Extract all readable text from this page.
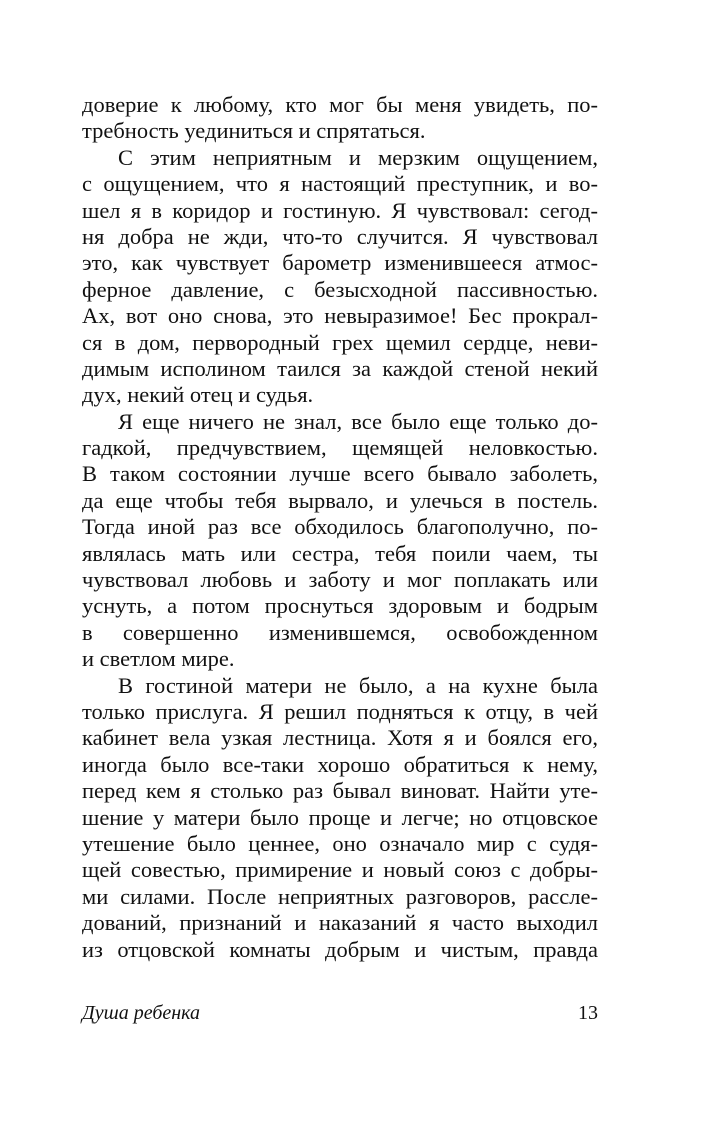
доверие к любому, кто мог бы меня увидеть, по-
требность уединиться и спрятаться.
С этим неприятным и мерзким ощущением,
с ощущением, что я настоящий преступник, и во-
шел я в коридор и гостиную. Я чувствовал: сегод-
ня добра не жди, что-то случится. Я чувствовал
это, как чувствует барометр изменившееся атмос-
ферное давление, с безысходной пассивностью.
Ах, вот оно снова, это невыразимое! Бес прокрал-
ся в дом, первородный грех щемил сердце, неви-
димым исполином таился за каждой стеной некий
дух, некий отец и судья.
Я еще ничего не знал, все было еще только до-
гадкой, предчувствием, щемящей неловкостью.
В таком состоянии лучше всего бывало заболеть,
да еще чтобы тебя вырвало, и улечься в постель.
Тогда иной раз все обходилось благополучно, по-
являлась мать или сестра, тебя поили чаем, ты
чувствовал любовь и заботу и мог поплакать или
уснуть, а потом проснуться здоровым и бодрым
в совершенно изменившемся, освобожденном
и светлом мире.
В гостиной матери не было, а на кухне была
только прислуга. Я решил подняться к отцу, в чей
кабинет вела узкая лестница. Хотя я и боялся его,
иногда было все-таки хорошо обратиться к нему,
перед кем я столько раз бывал виноват. Найти уте-
шение у матери было проще и легче; но отцовское
утешение было ценнее, оно означало мир с судя-
щей совестью, примирение и новый союз с добры-
ми силами. После неприятных разговоров, рассле-
дований, признаний и наказаний я часто выходил
из отцовской комнаты добрым и чистым, правда
Душа ребенка	13
